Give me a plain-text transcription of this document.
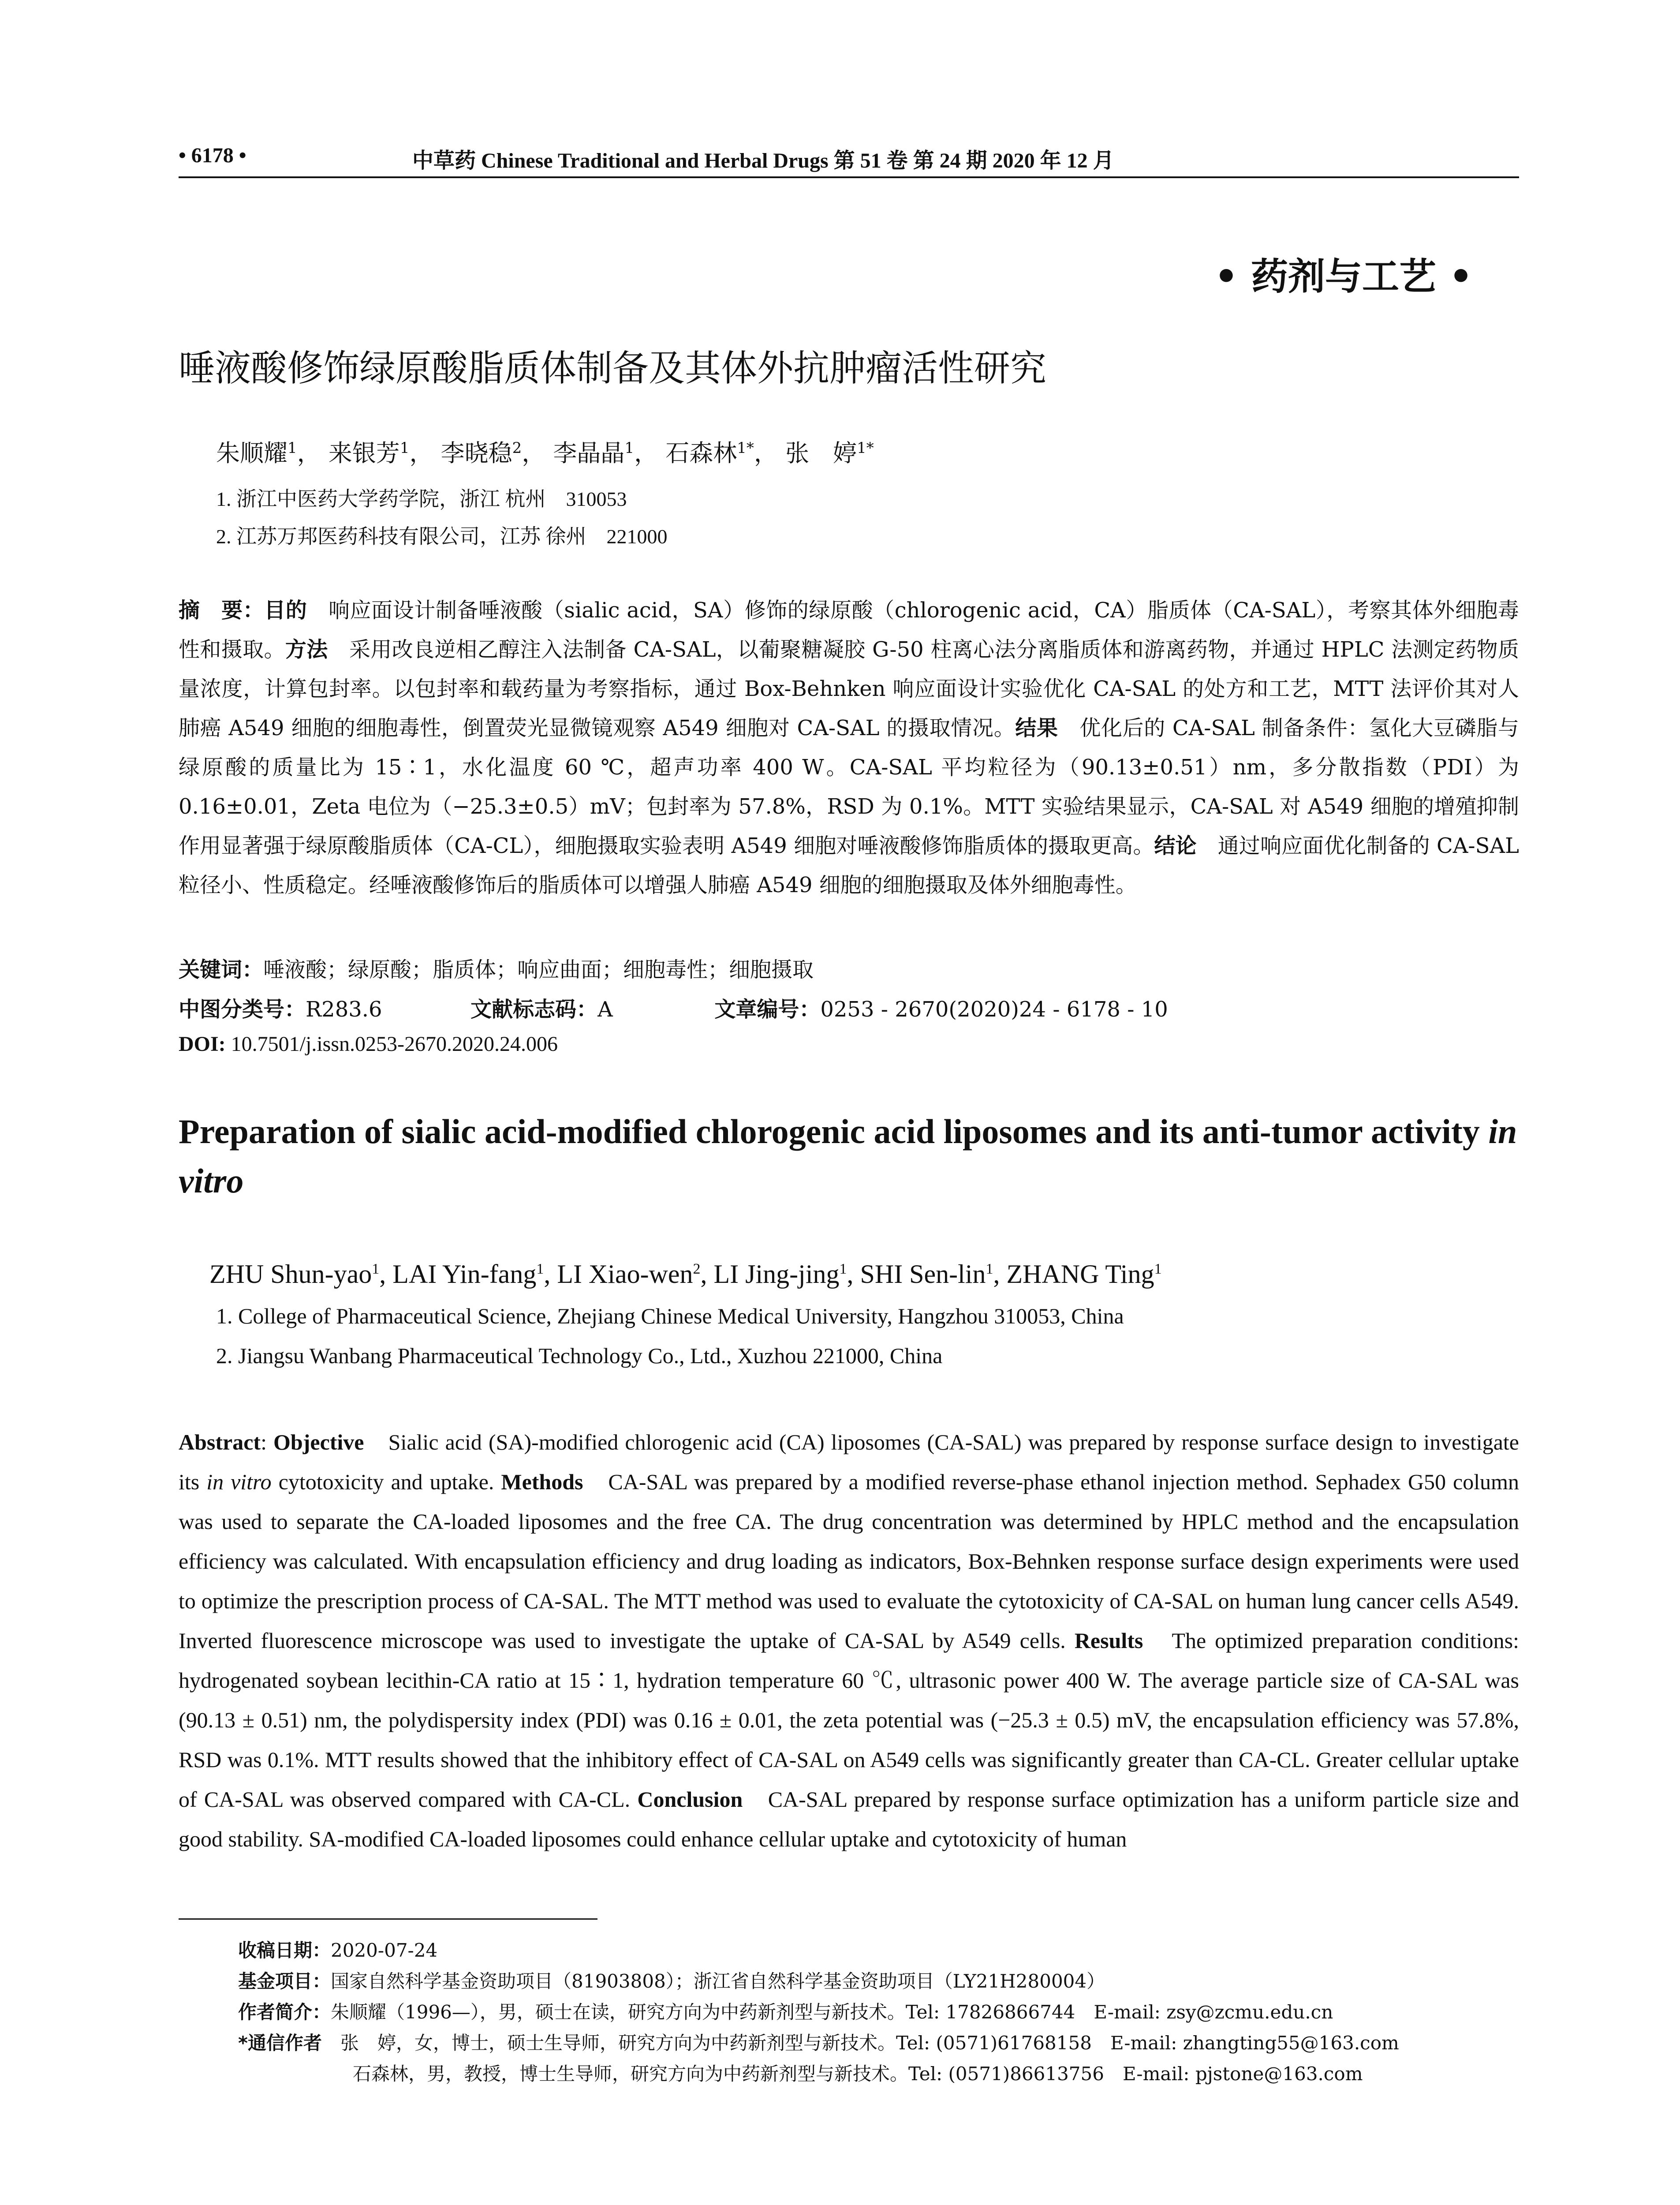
• 6178 •	中草药 Chinese Traditional and Herbal Drugs 第 51 卷 第 24 期 2020 年 12 月
• 药剂与工艺 •
唾液酸修饰绿原酸脂质体制备及其体外抗肿瘤活性研究
朱顺耀$^1$， 来银芳$^1$， 李晓稳$^2$， 李晶晶$^1$， 石森林$^{1*}$， 张　婷$^{1*}$
1. 浙江中医药大学药学院，浙江 杭州　310053
2. 江苏万邦医药科技有限公司，江苏 徐州　221000
摘　要：目的　响应面设计制备唾液酸（sialic acid，SA）修饰的绿原酸（chlorogenic acid，CA）脂质体（CA-SAL），考察其体外细胞毒性和摄取。方法　采用改良逆相乙醇注入法制备 CA-SAL，以葡聚糖凝胶 G-50 柱离心法分离脂质体和游离药物，并通过 HPLC 法测定药物质量浓度，计算包封率。以包封率和载药量为考察指标，通过 Box-Behnken 响应面设计实验优化 CA-SAL 的处方和工艺，MTT 法评价其对人肺癌 A549 细胞的细胞毒性，倒置荧光显微镜观察 A549 细胞对 CA-SAL 的摄取情况。结果　优化后的 CA-SAL 制备条件：氢化大豆磷脂与绿原酸的质量比为 15∶1，水化温度 60 ℃，超声功率 400 W。CA-SAL 平均粒径为（90.13±0.51）nm，多分散指数（PDI）为 0.16±0.01，Zeta 电位为（−25.3±0.5）mV；包封率为 57.8%，RSD 为 0.1%。MTT 实验结果显示，CA-SAL 对 A549 细胞的增殖抑制作用显著强于绿原酸脂质体（CA-CL），细胞摄取实验表明 A549 细胞对唾液酸修饰脂质体的摄取更高。结论　通过响应面优化制备的 CA-SAL 粒径小、性质稳定。经唾液酸修饰后的脂质体可以增强人肺癌 A549 细胞的细胞摄取及体外细胞毒性。
关键词：唾液酸；绿原酸；脂质体；响应曲面；细胞毒性；细胞摄取
中图分类号：R283.6	文献标志码：A	文章编号：0253 - 2670(2020)24 - 6178 - 10
DOI: 10.7501/j.issn.0253-2670.2020.24.006
Preparation of sialic acid-modified chlorogenic acid liposomes and its anti-tumor activity in vitro
ZHU Shun-yao$^1$, LAI Yin-fang$^1$, LI Xiao-wen$^2$, LI Jing-jing$^1$, SHI Sen-lin$^1$, ZHANG Ting$^1$
1. College of Pharmaceutical Science, Zhejiang Chinese Medical University, Hangzhou 310053, China
2. Jiangsu Wanbang Pharmaceutical Technology Co., Ltd., Xuzhou 221000, China
Abstract: Objective　Sialic acid (SA)-modified chlorogenic acid (CA) liposomes (CA-SAL) was prepared by response surface design to investigate its in vitro cytotoxicity and uptake. Methods　CA-SAL was prepared by a modified reverse-phase ethanol injection method. Sephadex G50 column was used to separate the CA-loaded liposomes and the free CA. The drug concentration was determined by HPLC method and the encapsulation efficiency was calculated. With encapsulation efficiency and drug loading as indicators, Box-Behnken response surface design experiments were used to optimize the prescription process of CA-SAL. The MTT method was used to evaluate the cytotoxicity of CA-SAL on human lung cancer cells A549. Inverted fluorescence microscope was used to investigate the uptake of CA-SAL by A549 cells. Results　The optimized preparation conditions: hydrogenated soybean lecithin-CA ratio at 15∶1, hydration temperature 60 ℃, ultrasonic power 400 W. The average particle size of CA-SAL was (90.13 ± 0.51) nm, the polydispersity index (PDI) was 0.16 ± 0.01, the zeta potential was (−25.3 ± 0.5) mV, the encapsulation efficiency was 57.8%, RSD was 0.1%. MTT results showed that the inhibitory effect of CA-SAL on A549 cells was significantly greater than CA-CL. Greater cellular uptake of CA-SAL was observed compared with CA-CL. Conclusion　CA-SAL prepared by response surface optimization has a uniform particle size and good stability. SA-modified CA-loaded liposomes could enhance cellular uptake and cytotoxicity of human
收稿日期：2020-07-24
基金项目：国家自然科学基金资助项目（81903808）；浙江省自然科学基金资助项目（LY21H280004）
作者简介：朱顺耀（1996—），男，硕士在读，研究方向为中药新剂型与新技术。Tel: 17826866744　E-mail: zsy@zcmu.edu.cn
*通信作者　张　婷，女，博士，硕士生导师，研究方向为中药新剂型与新技术。Tel: (0571)61768158　E-mail: zhangting55@163.com
石森林，男，教授，博士生导师，研究方向为中药新剂型与新技术。Tel: (0571)86613756　E-mail: pjstone@163.com
